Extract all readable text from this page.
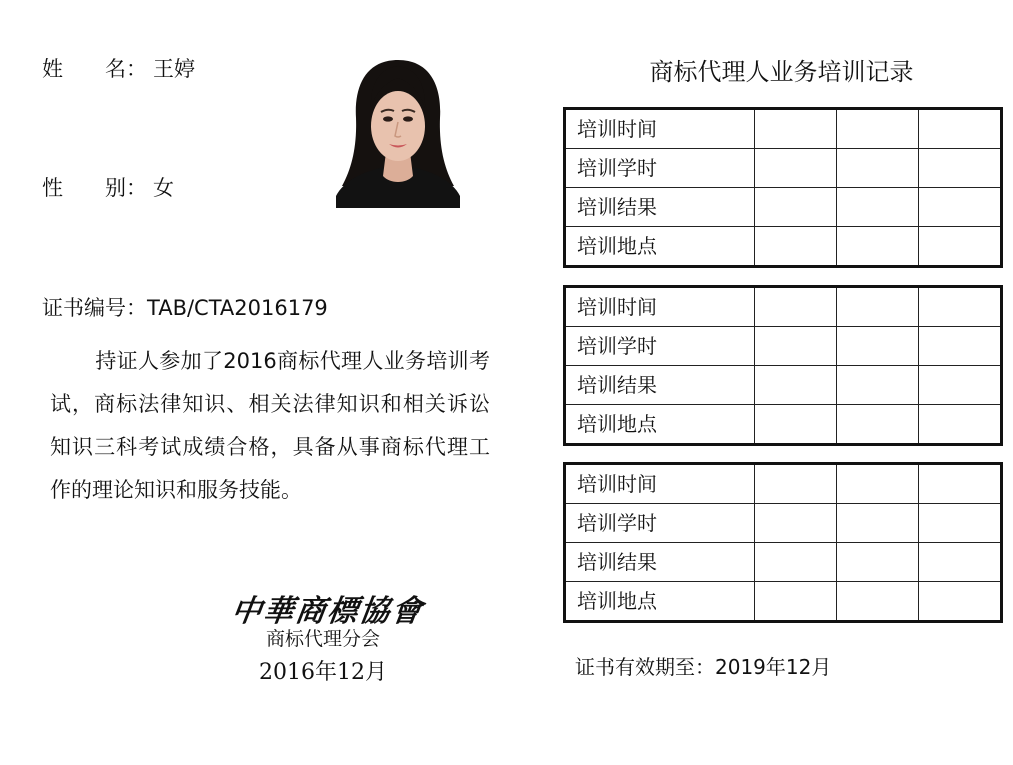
姓 名： 王婷
性 别： 女
证书编号：TAB/CTA2016179
持证人参加了2016商标代理人业务培训考试，商标法律知识、相关法律知识和相关诉讼知识三科考试成绩合格，具备从事商标代理工作的理论知识和服务技能。
中華商標協會
商标代理分会
2016年12月
商标代理人业务培训记录
培训时间			
培训学时			
培训结果			
培训地点			
培训时间			
培训学时			
培训结果			
培训地点			
培训时间			
培训学时			
培训结果			
培训地点			
证书有效期至：2019年12月
